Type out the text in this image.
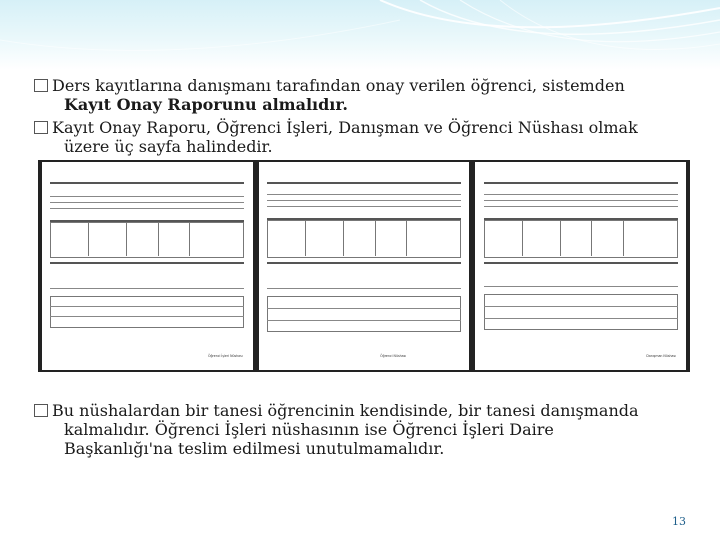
Ders kayıtlarına danışmanı tarafından onay verilen öğrenci, sistemden
Kayıt Onay Raporunu almalıdır.
Kayıt Onay Raporu, Öğrenci İşleri, Danışman ve Öğrenci Nüshası olmak
üzere üç sayfa halindedir.
Öğrenci İşleri Nüshası	Öğrenci Nüshası	Danışman Nüshası
Bu nüshalardan bir tanesi öğrencinin kendisinde, bir tanesi danışmanda
kalmalıdır. Öğrenci İşleri nüshasının ise Öğrenci İşleri Daire
Başkanlığı'na teslim edilmesi unutulmamalıdır.
13
